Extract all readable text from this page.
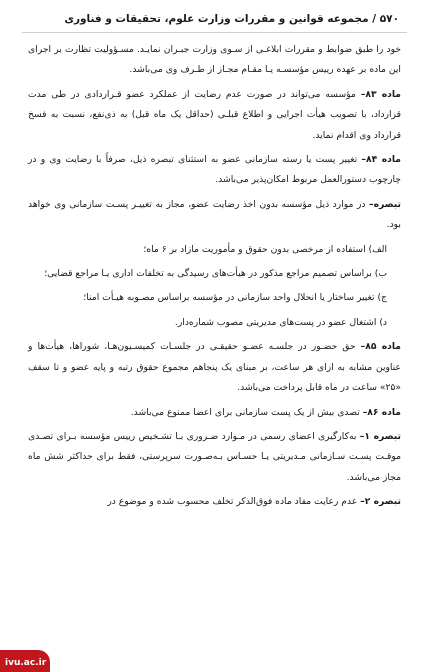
۵۷۰ / مجموعه قوانین و مقررات وزارت علوم، تحقیقات و فناوری

خود را طبق ضوابط و مقررات ابلاغـی از سـوی وزارت جبـران نمایـد. مسـؤولیت تظارت بر اجرای این ماده بر عهده رییس مؤسسـه یـا مقـام مجـاز از طـرف وی می‌باشد.

ماده ۸۳– مؤسسه می‌تواند در صورت عدم رضایت از عملکرد عضو قـراردادی در طی مدت قرارداد، با تصویب هیأت اجرایی و اطلاع قبلـی (حداقل یک ماه قبل) به ذی‌نفع، نسبت به فسخ قرارداد وی اقدام نماید.

ماده ۸۴– تغییر پست یا رسته سازمانی عضو به استثنای تبصره ذیل، صرفاً با رضایت وی و در چارچوب دستورالعمل مربوط امکان‌پذیر می‌باشد.

تبصره– در موارد ذیل مؤسسه بدون اخذ رضایت عضو، مجاز به تغییـر پسـت سازمانی وی خواهد بود.

الف) استفاده از مرخصی بدون حقوق و مأموریت مازاد بر ۶ ماه؛

ب) براساس تصمیم مراجع مذکور در هیأت‌های رسیدگی به تخلفات اداری یـا مراجع قضایی؛

ج) تغییر ساختار یا انحلال واحد سازمانی در مؤسسه براساس مصـوبه هیـأت امنا؛

د) اشتغال عضو در پست‌های مدیریتی مصوب شماره‌دار.

ماده ۸۵– حق حضـور در جلسـه عضـو حقیقـی در جلسـات کمیسـیون‌هـا، شوراها، هیأت‌ها و عناوین مشابه به ازای هر ساعت، بر مبنای یک پنجاهم مجموع حقوق رتبه و پایه عضو و تا سقف «۲۵» ساعت در ماه قابل پرداخت می‌باشد.

ماده ۸۶– تصدی بیش از یک پست سازمانی برای اعضا ممنوع می‌باشد.

تبصره ۱– به‌کارگیری اعضای رسمی در مـوارد ضـروری بـا تشـخیص رییس مؤسسه بـرای تصـدی موقـت پسـت سـازمانی مـدیریتی یـا حسـاس بـه‌صـورت سرپرستی، فقط برای حداکثر شش ماه مجاز می‌باشد.

تبصره ۲– عدم رعایت مفاد ماده فوق‌الذکر تخلف محسوب شده و موضوع در

ivu.ac.ir
